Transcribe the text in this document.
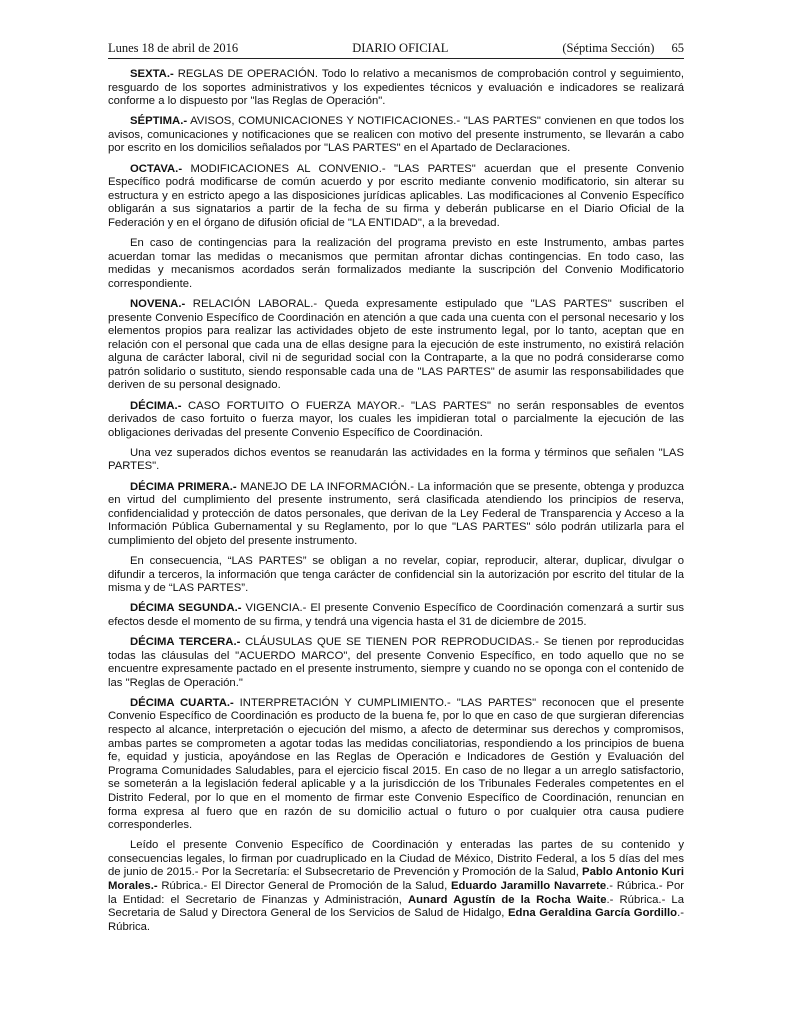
Lunes 18 de abril de 2016	DIARIO OFICIAL	(Séptima Sección) 65

SEXTA.- REGLAS DE OPERACIÓN. Todo lo relativo a mecanismos de comprobación control y seguimiento, resguardo de los soportes administrativos y los expedientes técnicos y evaluación e indicadores se realizará conforme a lo dispuesto por "las Reglas de Operación".

SÉPTIMA.- AVISOS, COMUNICACIONES Y NOTIFICACIONES.- "LAS PARTES" convienen en que todos los avisos, comunicaciones y notificaciones que se realicen con motivo del presente instrumento, se llevarán a cabo por escrito en los domicilios señalados por "LAS PARTES" en el Apartado de Declaraciones.

OCTAVA.- MODIFICACIONES AL CONVENIO.- "LAS PARTES" acuerdan que el presente Convenio Específico podrá modificarse de común acuerdo y por escrito mediante convenio modificatorio, sin alterar su estructura y en estricto apego a las disposiciones jurídicas aplicables. Las modificaciones al Convenio Específico obligarán a sus signatarios a partir de la fecha de su firma y deberán publicarse en el Diario Oficial de la Federación y en el órgano de difusión oficial de "LA ENTIDAD", a la brevedad.

En caso de contingencias para la realización del programa previsto en este Instrumento, ambas partes acuerdan tomar las medidas o mecanismos que permitan afrontar dichas contingencias. En todo caso, las medidas y mecanismos acordados serán formalizados mediante la suscripción del Convenio Modificatorio correspondiente.

NOVENA.- RELACIÓN LABORAL.- Queda expresamente estipulado que "LAS PARTES" suscriben el presente Convenio Específico de Coordinación en atención a que cada una cuenta con el personal necesario y los elementos propios para realizar las actividades objeto de este instrumento legal, por lo tanto, aceptan que en relación con el personal que cada una de ellas designe para la ejecución de este instrumento, no existirá relación alguna de carácter laboral, civil ni de seguridad social con la Contraparte, a la que no podrá considerarse como patrón solidario o sustituto, siendo responsable cada una de "LAS PARTES" de asumir las responsabilidades que deriven de su personal designado.

DÉCIMA.- CASO FORTUITO O FUERZA MAYOR.- "LAS PARTES" no serán responsables de eventos derivados de caso fortuito o fuerza mayor, los cuales les impidieran total o parcialmente la ejecución de las obligaciones derivadas del presente Convenio Específico de Coordinación.

Una vez superados dichos eventos se reanudarán las actividades en la forma y términos que señalen "LAS PARTES".

DÉCIMA PRIMERA.- MANEJO DE LA INFORMACIÓN.- La información que se presente, obtenga y produzca en virtud del cumplimiento del presente instrumento, será clasificada atendiendo los principios de reserva, confidencialidad y protección de datos personales, que derivan de la Ley Federal de Transparencia y Acceso a la Información Pública Gubernamental y su Reglamento, por lo que "LAS PARTES" sólo podrán utilizarla para el cumplimiento del objeto del presente instrumento.

En consecuencia, “LAS PARTES” se obligan a no revelar, copiar, reproducir, alterar, duplicar, divulgar o difundir a terceros, la información que tenga carácter de confidencial sin la autorización por escrito del titular de la misma y de “LAS PARTES”.

DÉCIMA SEGUNDA.- VIGENCIA.- El presente Convenio Específico de Coordinación comenzará a surtir sus efectos desde el momento de su firma, y tendrá una vigencia hasta el 31 de diciembre de 2015.

DÉCIMA TERCERA.- CLÁUSULAS QUE SE TIENEN POR REPRODUCIDAS.- Se tienen por reproducidas todas las cláusulas del "ACUERDO MARCO", del presente Convenio Específico, en todo aquello que no se encuentre expresamente pactado en el presente instrumento, siempre y cuando no se oponga con el contenido de las "Reglas de Operación."

DÉCIMA CUARTA.- INTERPRETACIÓN Y CUMPLIMIENTO.- "LAS PARTES" reconocen que el presente Convenio Específico de Coordinación es producto de la buena fe, por lo que en caso de que surgieran diferencias respecto al alcance, interpretación o ejecución del mismo, a afecto de determinar sus derechos y compromisos, ambas partes se comprometen a agotar todas las medidas conciliatorias, respondiendo a los principios de buena fe, equidad y justicia, apoyándose en las Reglas de Operación e Indicadores de Gestión y Evaluación del Programa Comunidades Saludables, para el ejercicio fiscal 2015. En caso de no llegar a un arreglo satisfactorio, se someterán a la legislación federal aplicable y a la jurisdicción de los Tribunales Federales competentes en el Distrito Federal, por lo que en el momento de firmar este Convenio Específico de Coordinación, renuncian en forma expresa al fuero que en razón de su domicilio actual o futuro o por cualquier otra causa pudiere corresponderles.

Leído el presente Convenio Específico de Coordinación y enteradas las partes de su contenido y consecuencias legales, lo firman por cuadruplicado en la Ciudad de México, Distrito Federal, a los 5 días del mes de junio de 2015.- Por la Secretaría: el Subsecretario de Prevención y Promoción de la Salud, Pablo Antonio Kuri Morales.- Rúbrica.- El Director General de Promoción de la Salud, Eduardo Jaramillo Navarrete.- Rúbrica.- Por la Entidad: el Secretario de Finanzas y Administración, Aunard Agustín de la Rocha Waite.- Rúbrica.- La Secretaria de Salud y Directora General de los Servicios de Salud de Hidalgo, Edna Geraldina García Gordillo.- Rúbrica.
